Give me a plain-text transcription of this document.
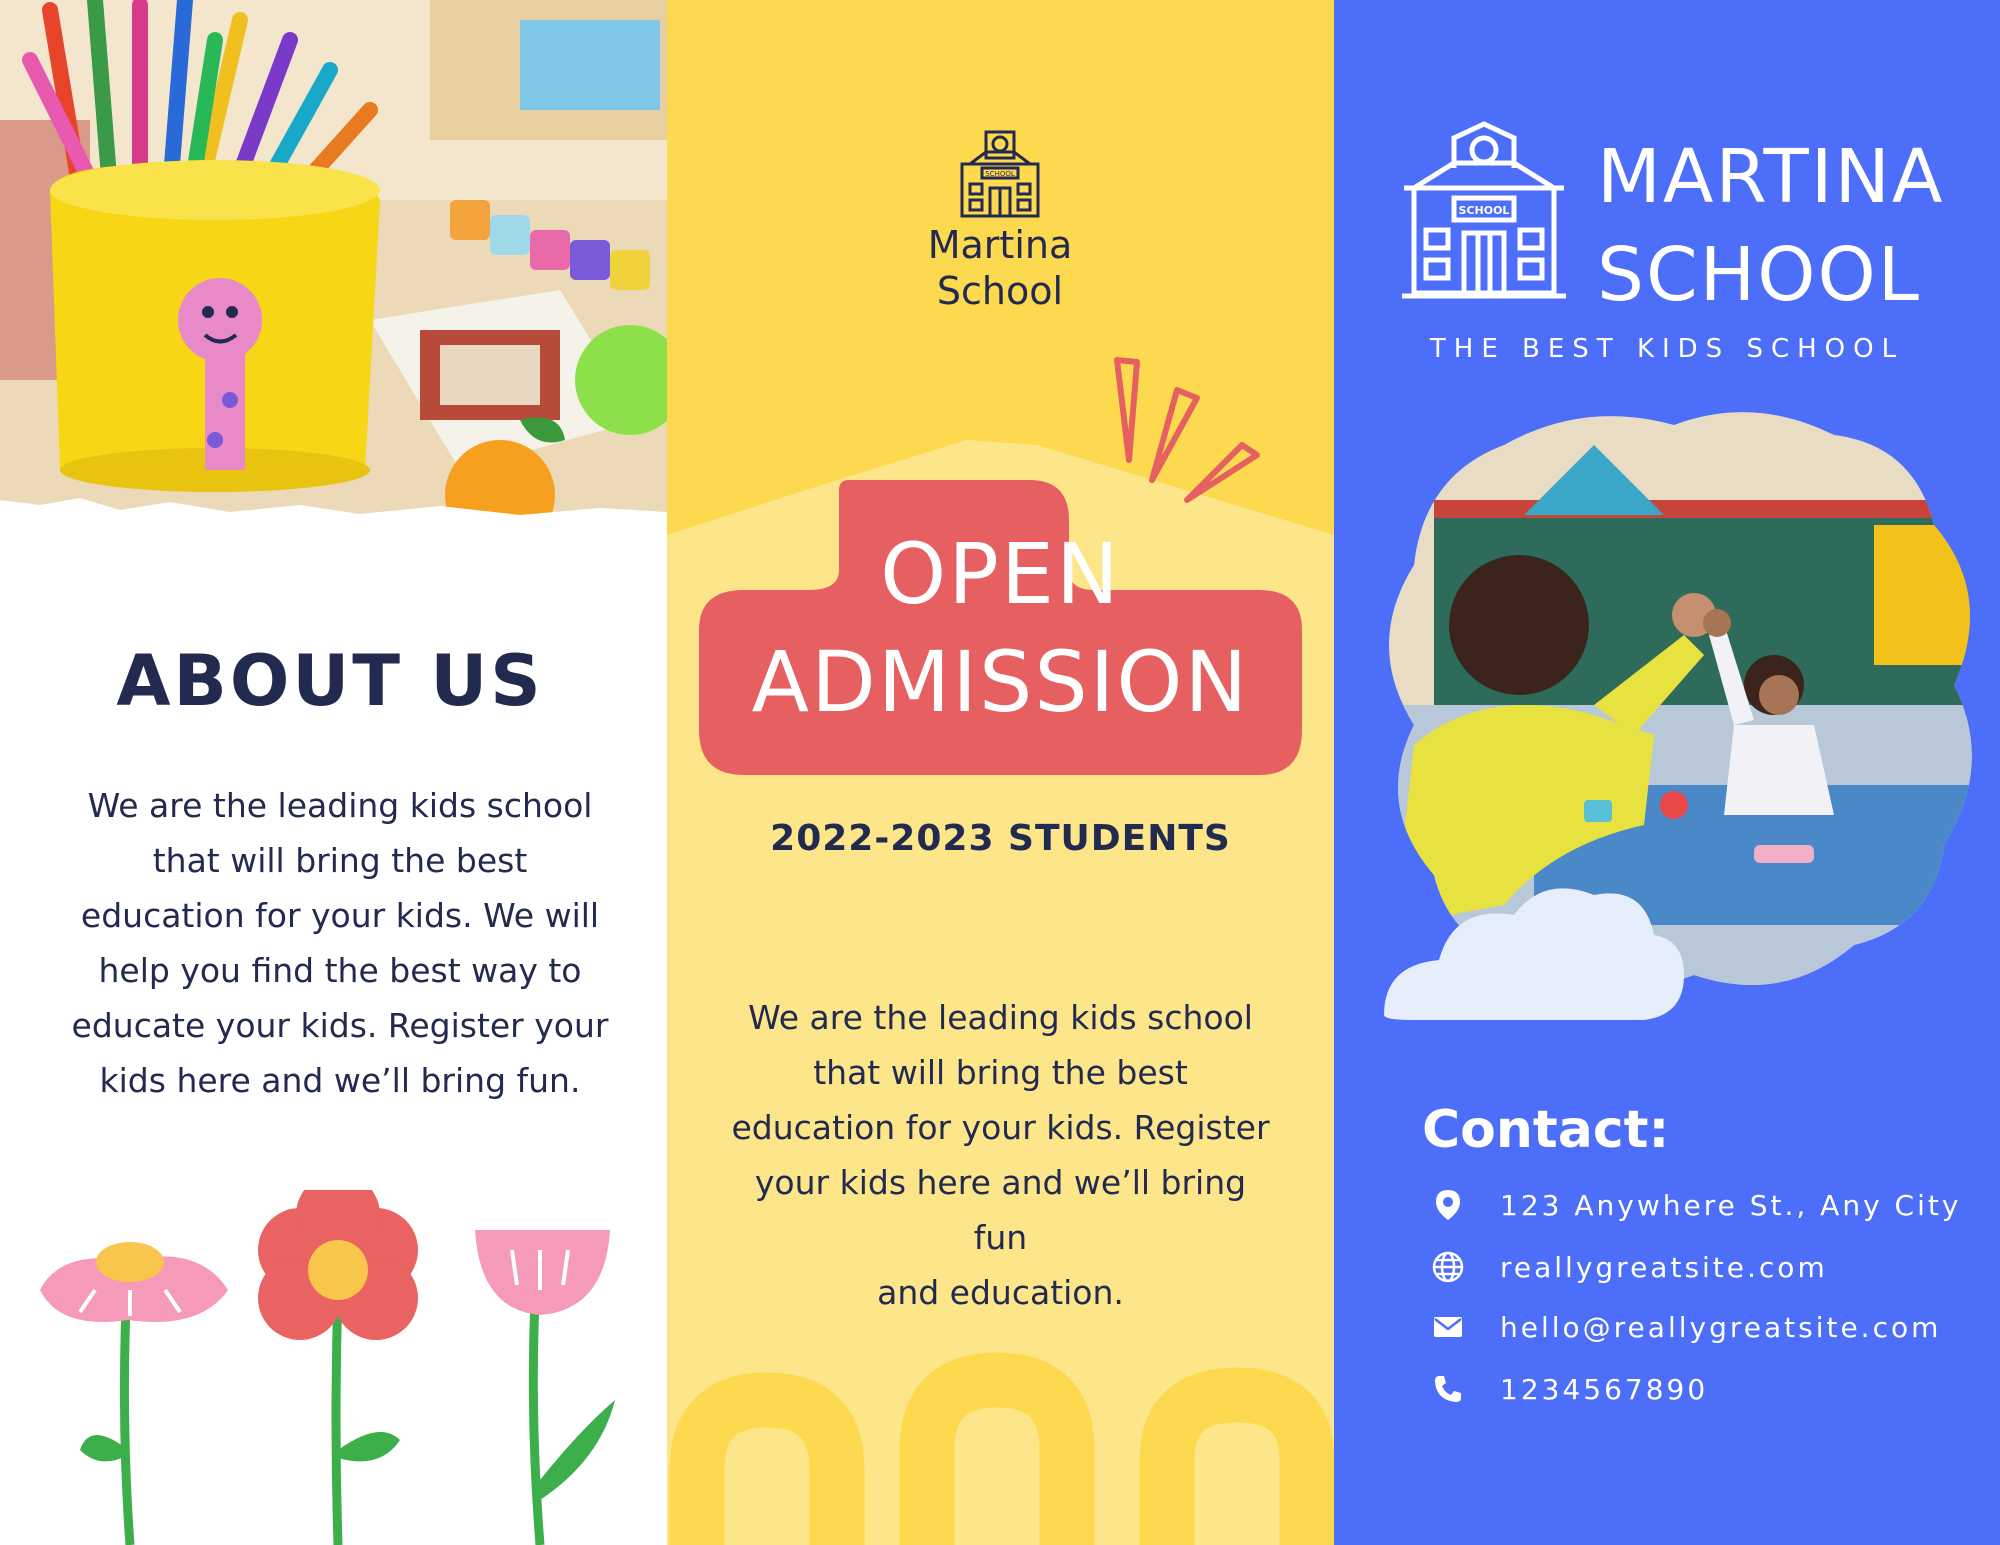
ABOUT US
We are the leading kids school
that will bring the best
education for your kids. We will
help you find the best way to
educate your kids. Register your
kids here and we’ll bring fun.
SCHOOL
Martina
School
OPEN
ADMISSION
2022-2023 STUDENTS
We are the leading kids school
that will bring the best
education for your kids. Register
your kids here and we’ll bring fun
and education.
SCHOOL MARTINA
SCHOOL
THE BEST KIDS SCHOOL
Contact:
123 Anywhere St., Any City
reallygreatsite.com
hello@reallygreatsite.com
1234567890
